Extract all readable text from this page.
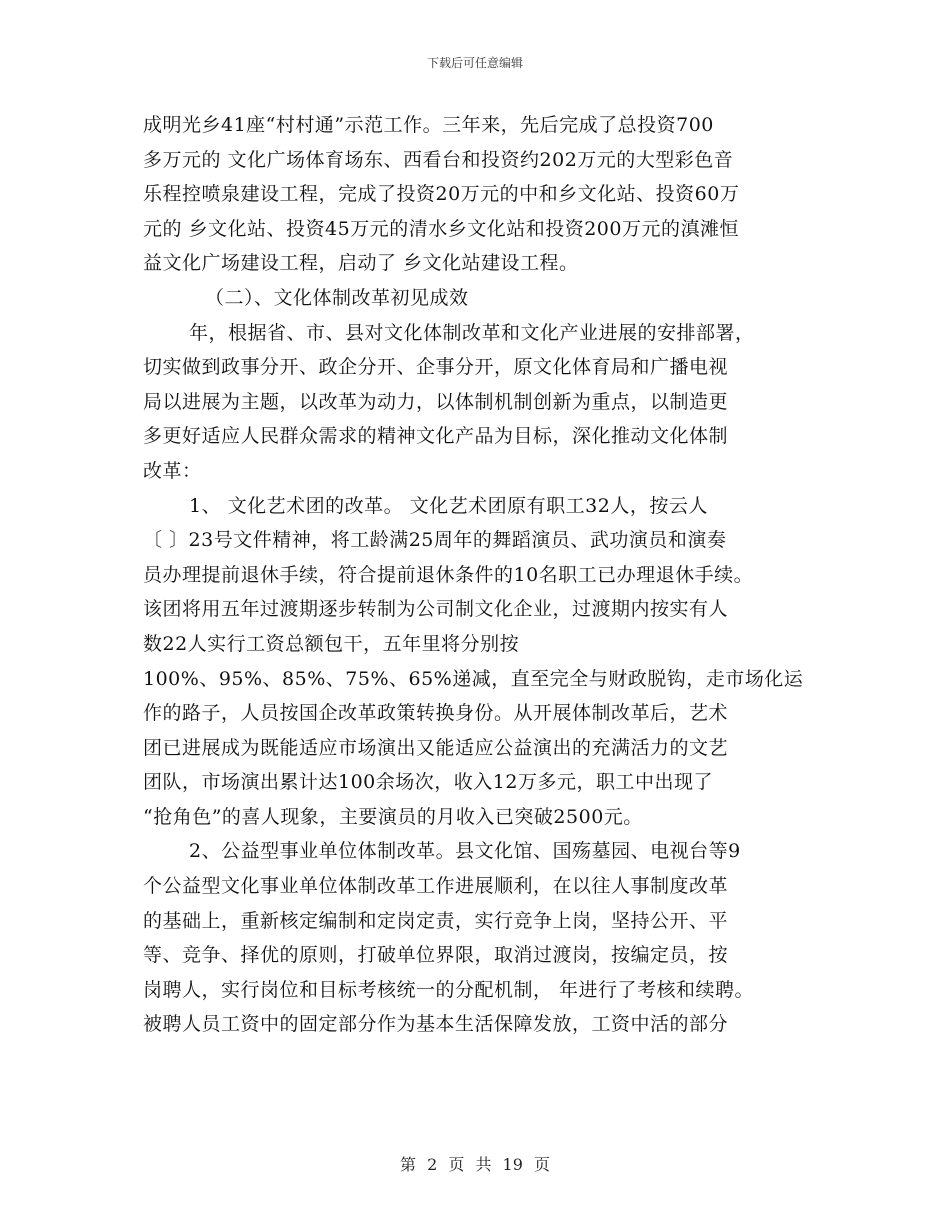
下载后可任意编辑
成明光乡41座“村村通”示范工作。三年来，先后完成了总投资700
多万元的 文化广场体育场东、西看台和投资约202万元的大型彩色音
乐程控喷泉建设工程，完成了投资20万元的中和乡文化站、投资60万
元的 乡文化站、投资45万元的清水乡文化站和投资200万元的滇滩恒
益文化广场建设工程，启动了 乡文化站建设工程。
（二）、文化体制改革初见成效
年，根据省、市、县对文化体制改革和文化产业进展的安排部署，
切实做到政事分开、政企分开、企事分开，原文化体育局和广播电视
局以进展为主题，以改革为动力，以体制机制创新为重点，以制造更
多更好适应人民群众需求的精神文化产品为目标，深化推动文化体制
改革：
1、 文化艺术团的改革。 文化艺术团原有职工32人，按云人
〔 〕23号文件精神，将工龄满25周年的舞蹈演员、武功演员和演奏
员办理提前退休手续，符合提前退休条件的10名职工已办理退休手续。
该团将用五年过渡期逐步转制为公司制文化企业，过渡期内按实有人
数22人实行工资总额包干，五年里将分别按
100%、95%、85%、75%、65%递减，直至完全与财政脱钩，走市场化运
作的路子，人员按国企改革政策转换身份。从开展体制改革后，艺术
团已进展成为既能适应市场演出又能适应公益演出的充满活力的文艺
团队，市场演出累计达100余场次，收入12万多元，职工中出现了
“抢角色”的喜人现象，主要演员的月收入已突破2500元。
2、公益型事业单位体制改革。县文化馆、国殇墓园、电视台等9
个公益型文化事业单位体制改革工作进展顺利，在以往人事制度改革
的基础上，重新核定编制和定岗定责，实行竞争上岗，坚持公开、平
等、竞争、择优的原则，打破单位界限，取消过渡岗，按编定员，按
岗聘人，实行岗位和目标考核统一的分配机制， 年进行了考核和续聘。
被聘人员工资中的固定部分作为基本生活保障发放，工资中活的部分
第 2 页 共 19 页
